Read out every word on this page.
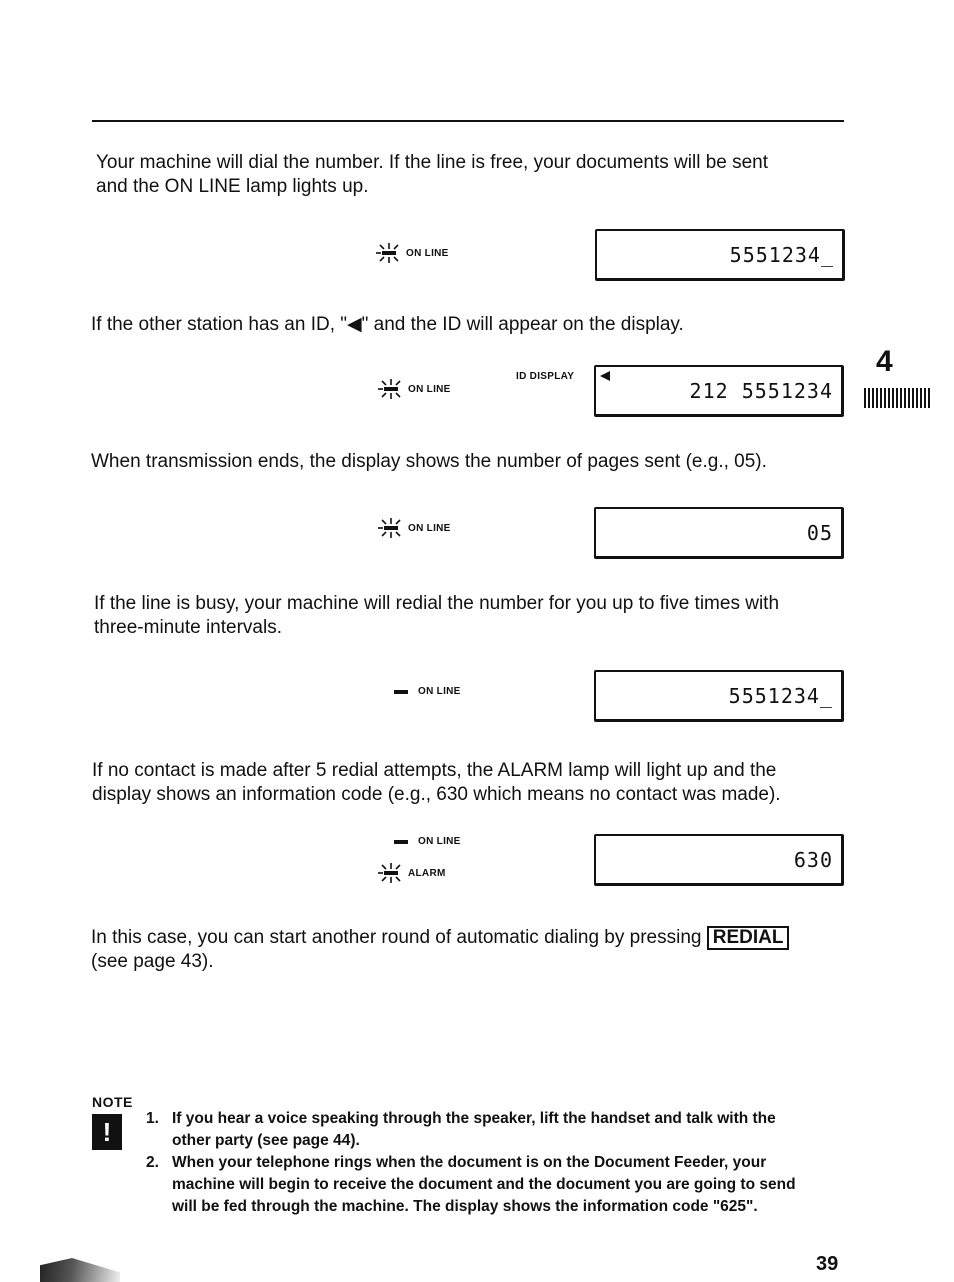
Your machine will dial the number. If the line is free, your documents will be sent
and the ON LINE lamp lights up.

ON LINE	5551234_

If the other station has an ID, "◀" and the ID will appear on the display.

ON LINE
ID DISPLAY
212 5551234
4

When transmission ends, the display shows the number of pages sent (e.g., 05).

ON LINE	05

If the line is busy, your machine will redial the number for you up to five times with
three-minute intervals.

ON LINE	5551234_

If no contact is made after 5 redial attempts, the ALARM lamp will light up and the
display shows an information code (e.g., 630 which means no contact was made).

ON LINE
ALARM
630

In this case, you can start another round of automatic dialing by pressing REDIAL
(see page 43).

NOTE
!	1. If you hear a voice speaking through the speaker, lift the handset and talk with the
other party (see page 44).
2. When your telephone rings when the document is on the Document Feeder, your
machine will begin to receive the document and the document you are going to send
will be fed through the machine. The display shows the information code "625".
39
